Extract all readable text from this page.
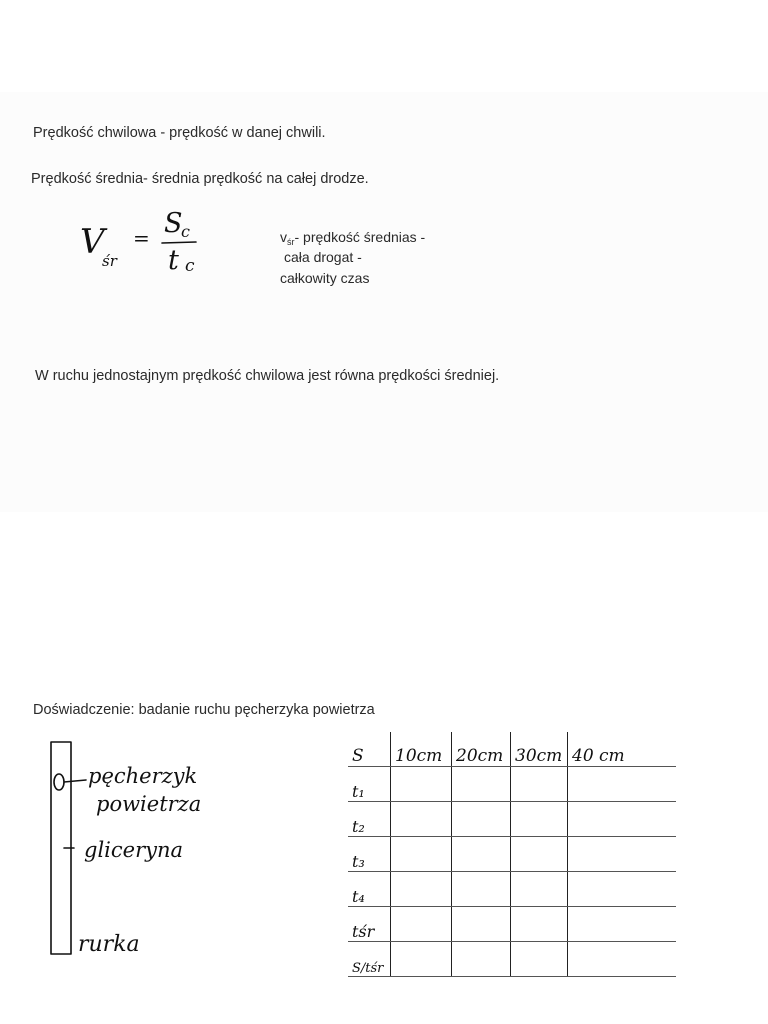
Prędkość chwilowa - prędkość w danej chwili.
Prędkość średnia- średnia prędkość na całej drodze.
W ruchu jednostajnym prędkość chwilowa jest równa prędkości średniej.
Doświadczenie: badanie ruchu pęcherzyka powietrza
V
śr
= S
c
t c
$v_{śr}-$ prędkość średnias -
cała drogat -
całkowity czas
pęcherzyk
powietrza
gliceryna
rurka
S	10cm	20cm	30cm	40 cm
t₁				
t₂				
t₃				
t₄				
tśr				
S/tśr				
